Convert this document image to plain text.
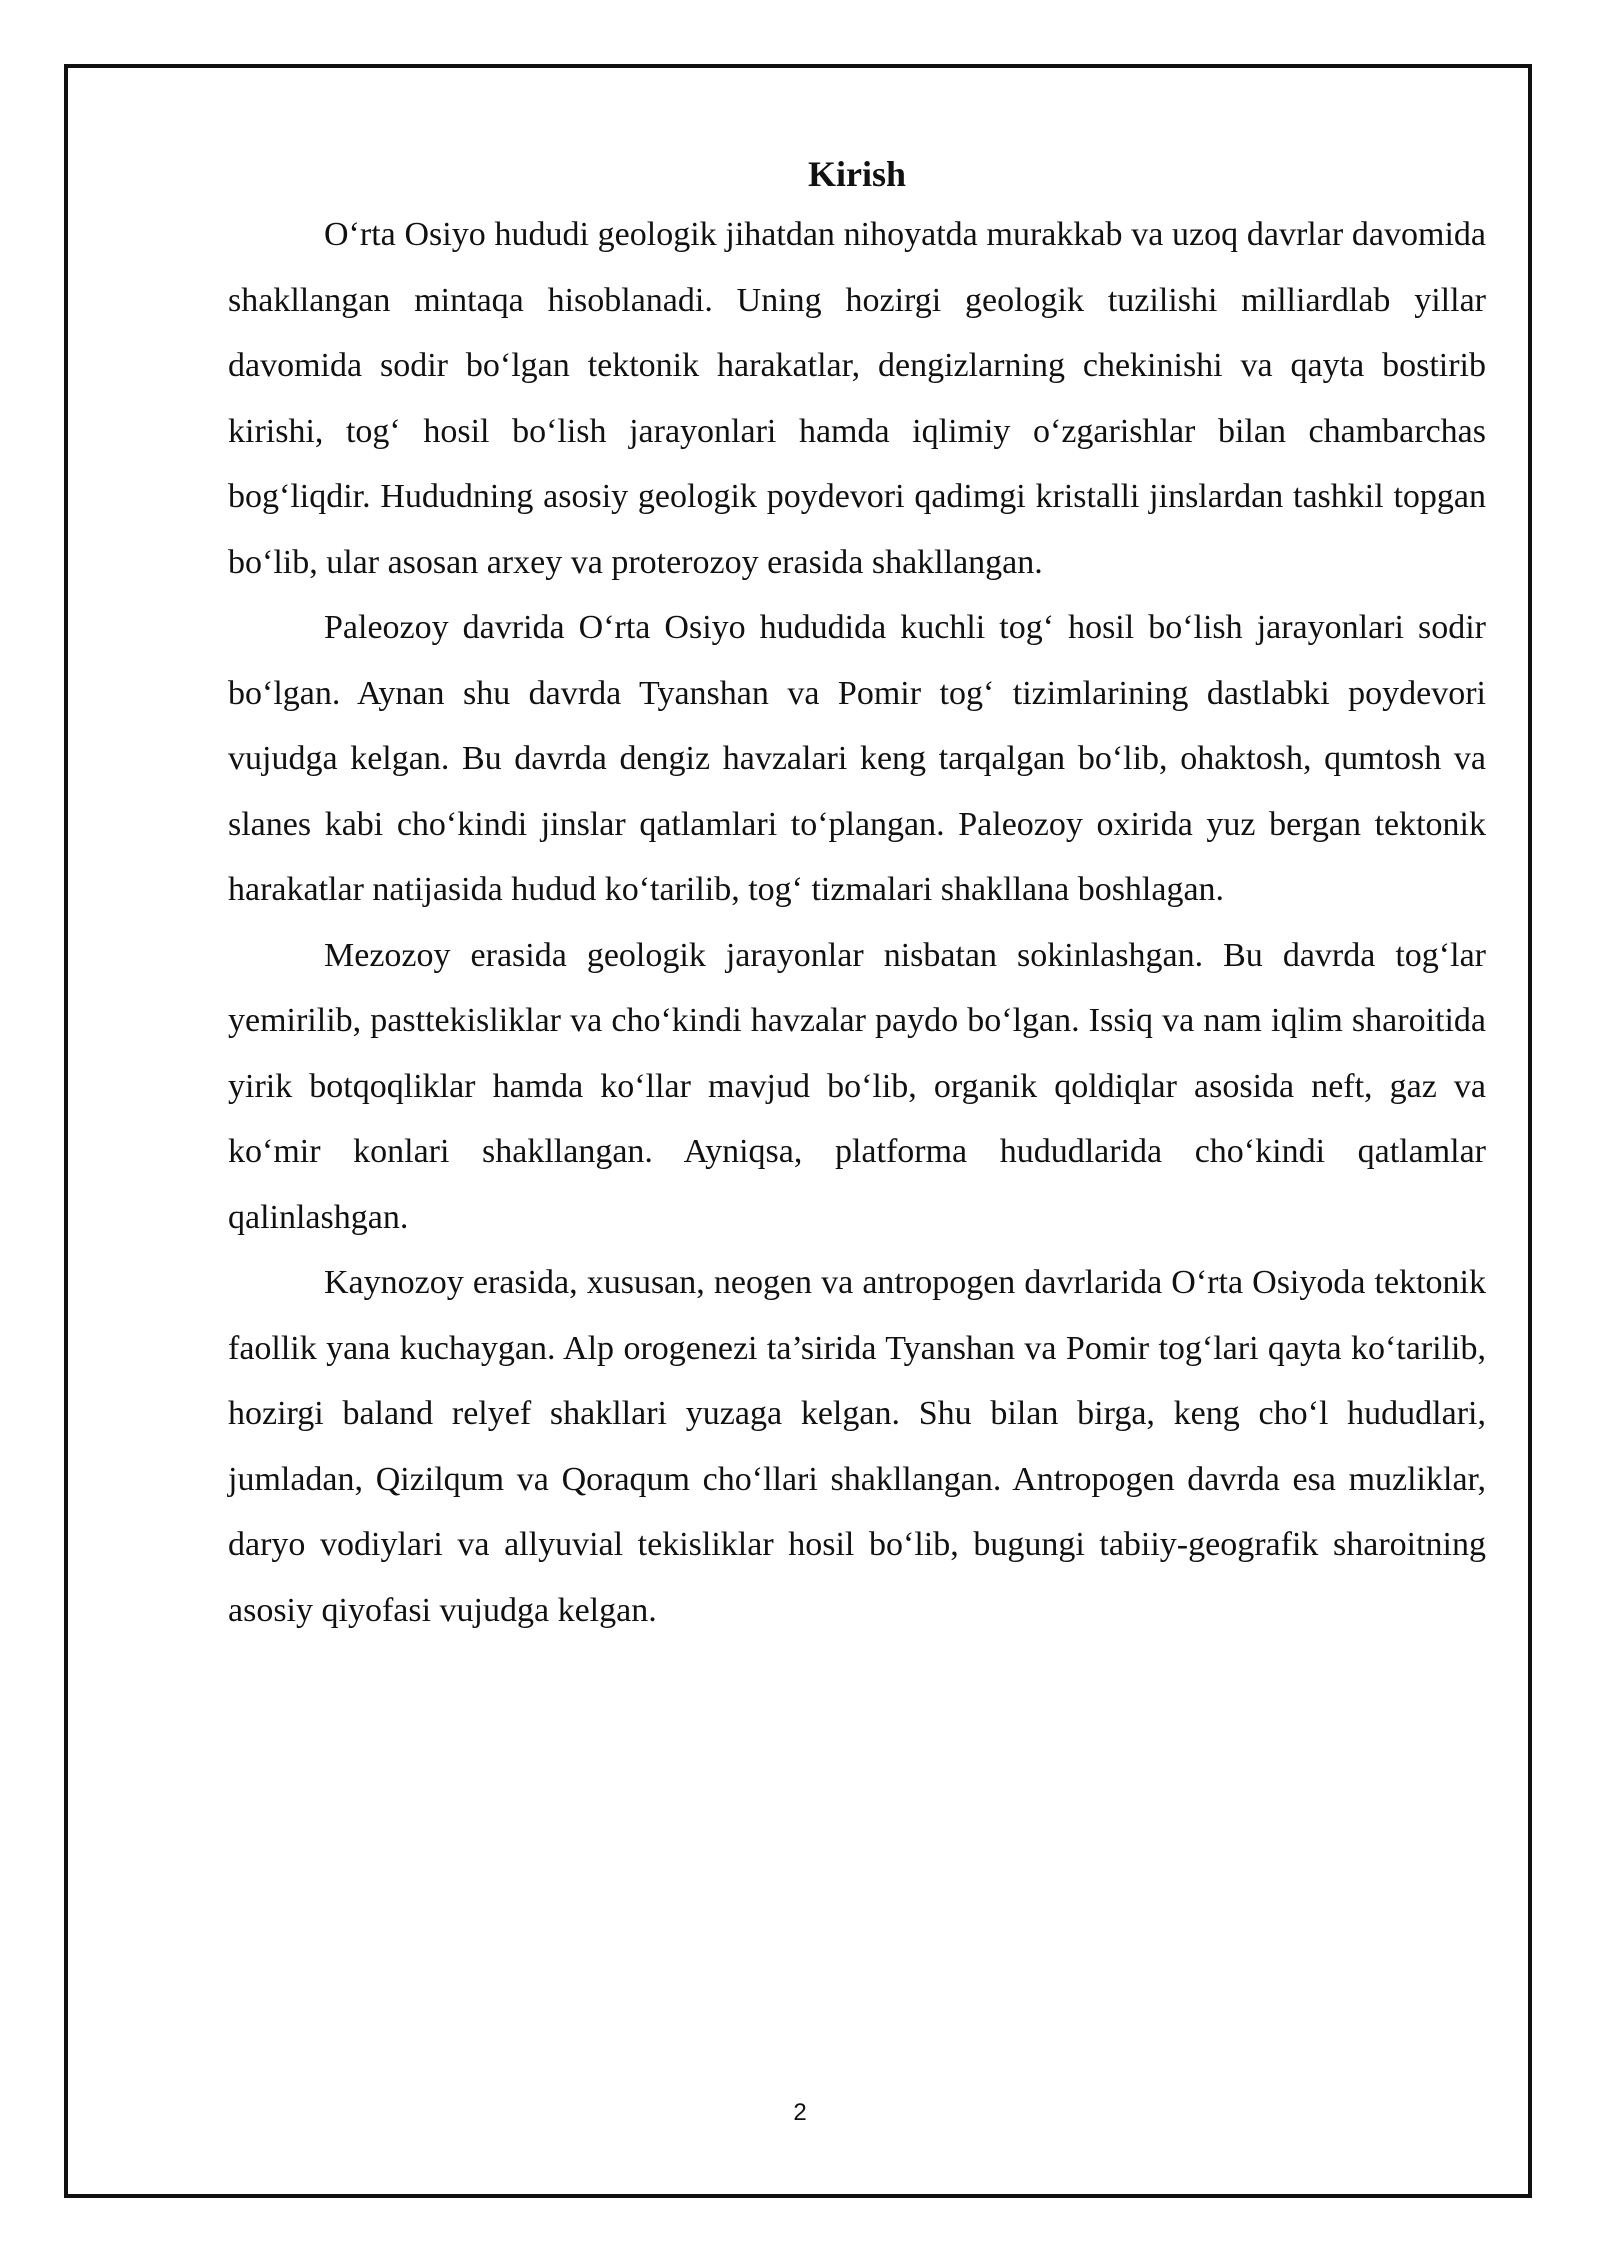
Kirish

O‘rta Osiyo hududi geologik jihatdan nihoyatda murakkab va uzoq davrlar davomida shakllangan mintaqa hisoblanadi. Uning hozirgi geologik tuzilishi milliardlab yillar davomida sodir bo‘lgan tektonik harakatlar, dengizlarning chekinishi va qayta bostirib kirishi, tog‘ hosil bo‘lish jarayonlari hamda iqlimiy o‘zgarishlar bilan chambarchas bog‘liqdir. Hududning asosiy geologik poydevori qadimgi kristalli jinslardan tashkil topgan bo‘lib, ular asosan arxey va proterozoy erasida shakllangan.

Paleozoy davrida O‘rta Osiyo hududida kuchli tog‘ hosil bo‘lish jarayonlari sodir bo‘lgan. Aynan shu davrda Tyanshan va Pomir tog‘ tizimlarining dastlabki poydevori vujudga kelgan. Bu davrda dengiz havzalari keng tarqalgan bo‘lib, ohaktosh, qumtosh va slanes kabi cho‘kindi jinslar qatlamlari to‘plangan. Paleozoy oxirida yuz bergan tektonik harakatlar natijasida hudud ko‘tarilib, tog‘ tizmalari shakllana boshlagan.

Mezozoy erasida geologik jarayonlar nisbatan sokinlashgan. Bu davrda tog‘lar yemirilib, pasttekisliklar va cho‘kindi havzalar paydo bo‘lgan. Issiq va nam iqlim sharoitida yirik botqoqliklar hamda ko‘llar mavjud bo‘lib, organik qoldiqlar asosida neft, gaz va ko‘mir konlari shakllangan. Ayniqsa, platforma hududlarida cho‘kindi qatlamlar qalinlashgan.

Kaynozoy erasida, xususan, neogen va antropogen davrlarida O‘rta Osiyoda tektonik faollik yana kuchaygan. Alp orogenezi ta’sirida Tyanshan va Pomir tog‘lari qayta ko‘tarilib, hozirgi baland relyef shakllari yuzaga kelgan. Shu bilan birga, keng cho‘l hududlari, jumladan, Qizilqum va Qoraqum cho‘llari shakllangan. Antropogen davrda esa muzliklar, daryo vodiylari va allyuvial tekisliklar hosil bo‘lib, bugungi tabiiy-geografik sharoitning asosiy qiyofasi vujudga kelgan.

2
